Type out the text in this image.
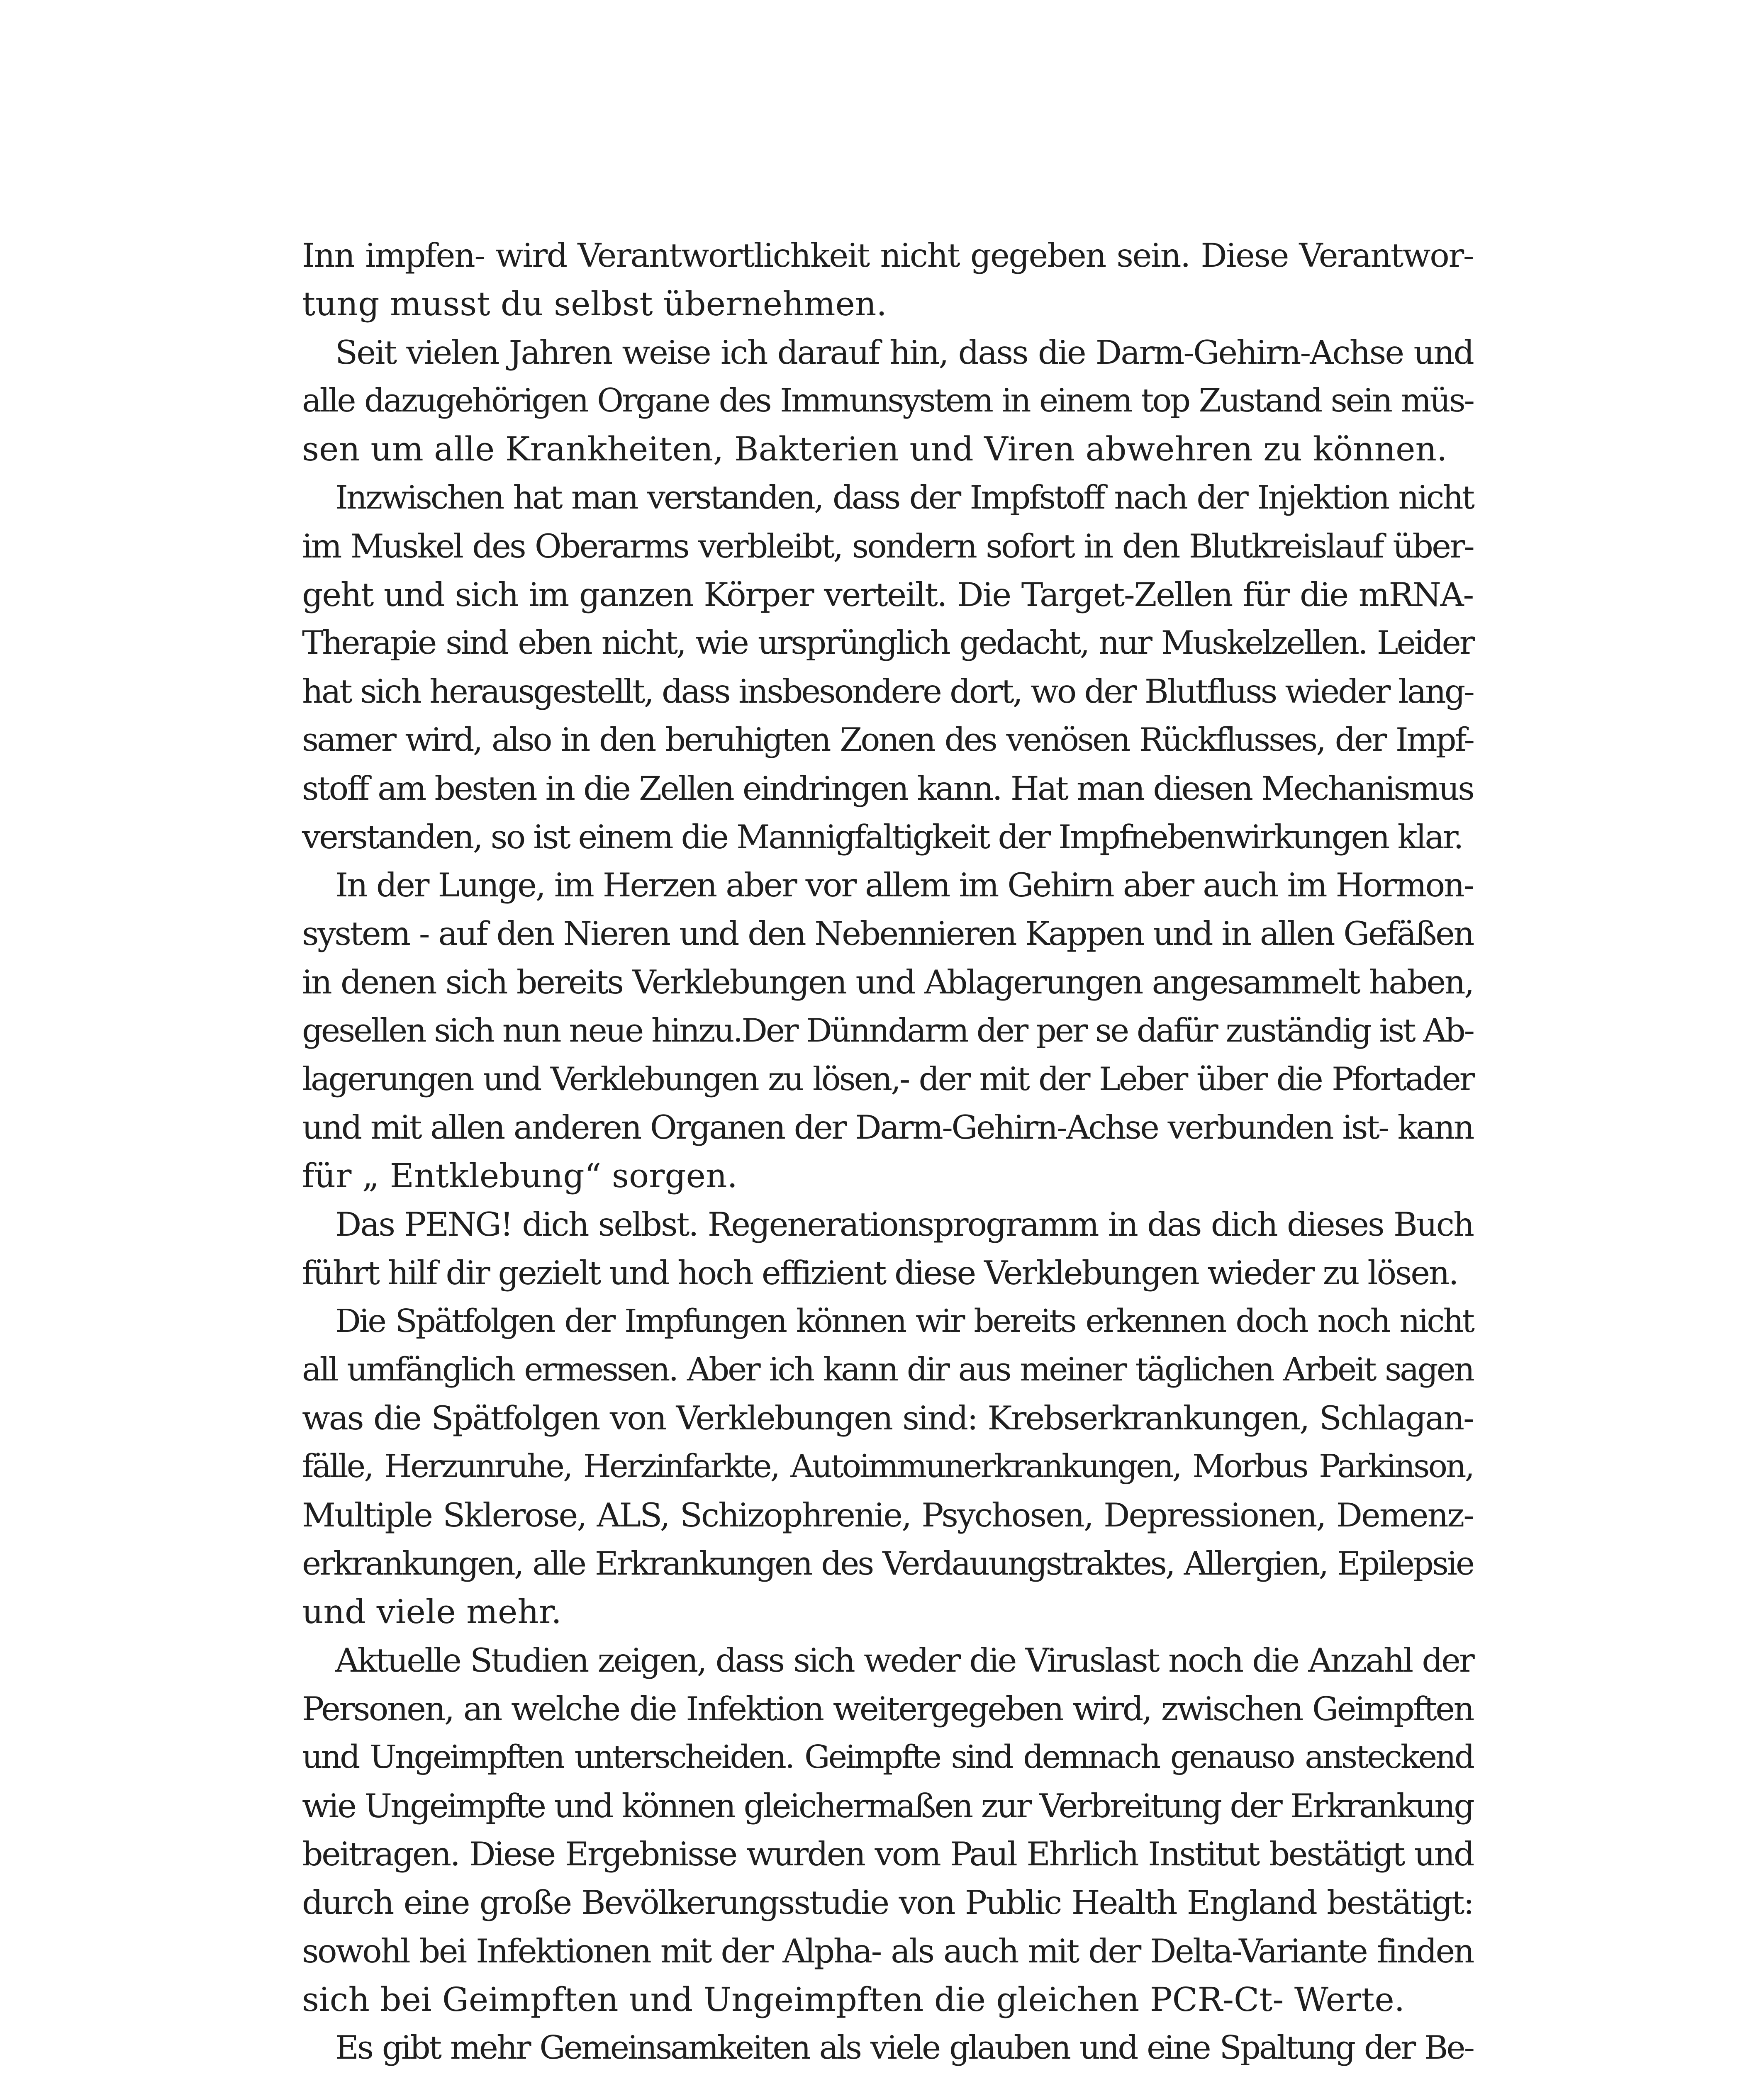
Inn impfen- wird Verantwortlichkeit nicht gegeben sein. Diese Verantwor-
tung musst du selbst übernehmen.
Seit vielen Jahren weise ich darauf hin, dass die Darm-Gehirn-Achse und
alle dazugehörigen Organe des Immunsystem in einem top Zustand sein müs-
sen um alle Krankheiten, Bakterien und Viren abwehren zu können.
Inzwischen hat man verstanden, dass der Impfstoff nach der Injektion nicht
im Muskel des Oberarms verbleibt, sondern sofort in den Blutkreislauf über-
geht und sich im ganzen Körper verteilt. Die Target-Zellen für die mRNA-
Therapie sind eben nicht, wie ursprünglich gedacht, nur Muskelzellen. Leider
hat sich herausgestellt, dass insbesondere dort, wo der Blutfluss wieder lang-
samer wird, also in den beruhigten Zonen des venösen Rückflusses, der Impf-
stoff am besten in die Zellen eindringen kann. Hat man diesen Mechanismus
verstanden, so ist einem die Mannigfaltigkeit der Impfnebenwirkungen klar.
In der Lunge, im Herzen aber vor allem im Gehirn aber auch im Hormon-
system - auf den Nieren und den Nebennieren Kappen und in allen Gefäßen
in denen sich bereits Verklebungen und Ablagerungen angesammelt haben,
gesellen sich nun neue hinzu.Der Dünndarm der per se dafür zuständig ist Ab-
lagerungen und Verklebungen zu lösen,- der mit der Leber über die Pfortader
und mit allen anderen Organen der Darm-Gehirn-Achse verbunden ist- kann
für „ Entklebung“ sorgen.
Das PENG! dich selbst. Regenerationsprogramm in das dich dieses Buch
führt hilf dir gezielt und hoch effizient diese Verklebungen wieder zu lösen.
Die Spätfolgen der Impfungen können wir bereits erkennen doch noch nicht
all umfänglich ermessen. Aber ich kann dir aus meiner täglichen Arbeit sagen
was die Spätfolgen von Verklebungen sind: Krebserkrankungen, Schlagan-
fälle, Herzunruhe, Herzinfarkte, Autoimmunerkrankungen, Morbus Parkinson,
Multiple Sklerose, ALS, Schizophrenie, Psychosen, Depressionen, Demenz-
erkrankungen, alle Erkrankungen des Verdauungstraktes, Allergien, Epilepsie
und viele mehr.
Aktuelle Studien zeigen, dass sich weder die Viruslast noch die Anzahl der
Personen, an welche die Infektion weitergegeben wird, zwischen Geimpften
und Ungeimpften unterscheiden. Geimpfte sind demnach genauso ansteckend
wie Ungeimpfte und können gleichermaßen zur Verbreitung der Erkrankung
beitragen. Diese Ergebnisse wurden vom Paul Ehrlich Institut bestätigt und
durch eine große Bevölkerungsstudie von Public Health England bestätigt:
sowohl bei Infektionen mit der Alpha- als auch mit der Delta-Variante finden
sich bei Geimpften und Ungeimpften die gleichen PCR-Ct- Werte.
Es gibt mehr Gemeinsamkeiten als viele glauben und eine Spaltung der Be-
